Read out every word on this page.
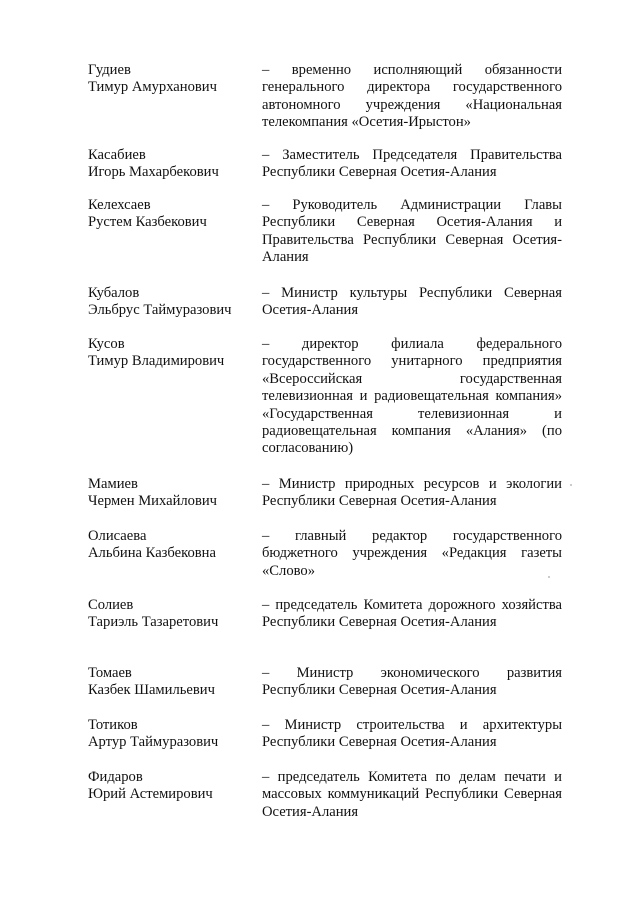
Гудиев
Тимур Амурханович
– временно исполняющий обязанности генерального директора государственного автономного учреждения «Национальная телекомпания «Осетия-Ирыстон»
Касабиев
Игорь Махарбекович
– Заместитель Председателя Правительства Республики Северная Осетия-Алания
Келехсаев
Рустем Казбекович
– Руководитель Администрации Главы Республики Северная Осетия-Алания и Правительства Республики Северная Осетия-Алания
Кубалов
Эльбрус Таймуразович
– Министр культуры Республики Северная Осетия-Алания
Кусов
Тимур Владимирович
– директор филиала федерального государственного унитарного предприятия «Всероссийская государственная телевизионная и радиовещательная компания» «Государственная телевизионная и радиовещательная компания «Алания» (по согласованию)
Мамиев
Чермен Михайлович
– Министр природных ресурсов и экологии Республики Северная Осетия-Алания
Олисаева
Альбина Казбековна
– главный редактор государственного бюджетного учреждения «Редакция газеты «Слово»
Солиев
Тариэль Тазаретович
– председатель Комитета дорожного хозяйства Республики Северная Осетия-Алания
Томаев
Казбек Шамильевич
– Министр экономического развития Республики Северная Осетия-Алания
Тотиков
Артур Таймуразович
– Министр строительства и архитектуры Республики Северная Осетия-Алания
Фидаров
Юрий Астемирович
– председатель Комитета по делам печати и массовых коммуникаций Республики Северная Осетия-Алания
